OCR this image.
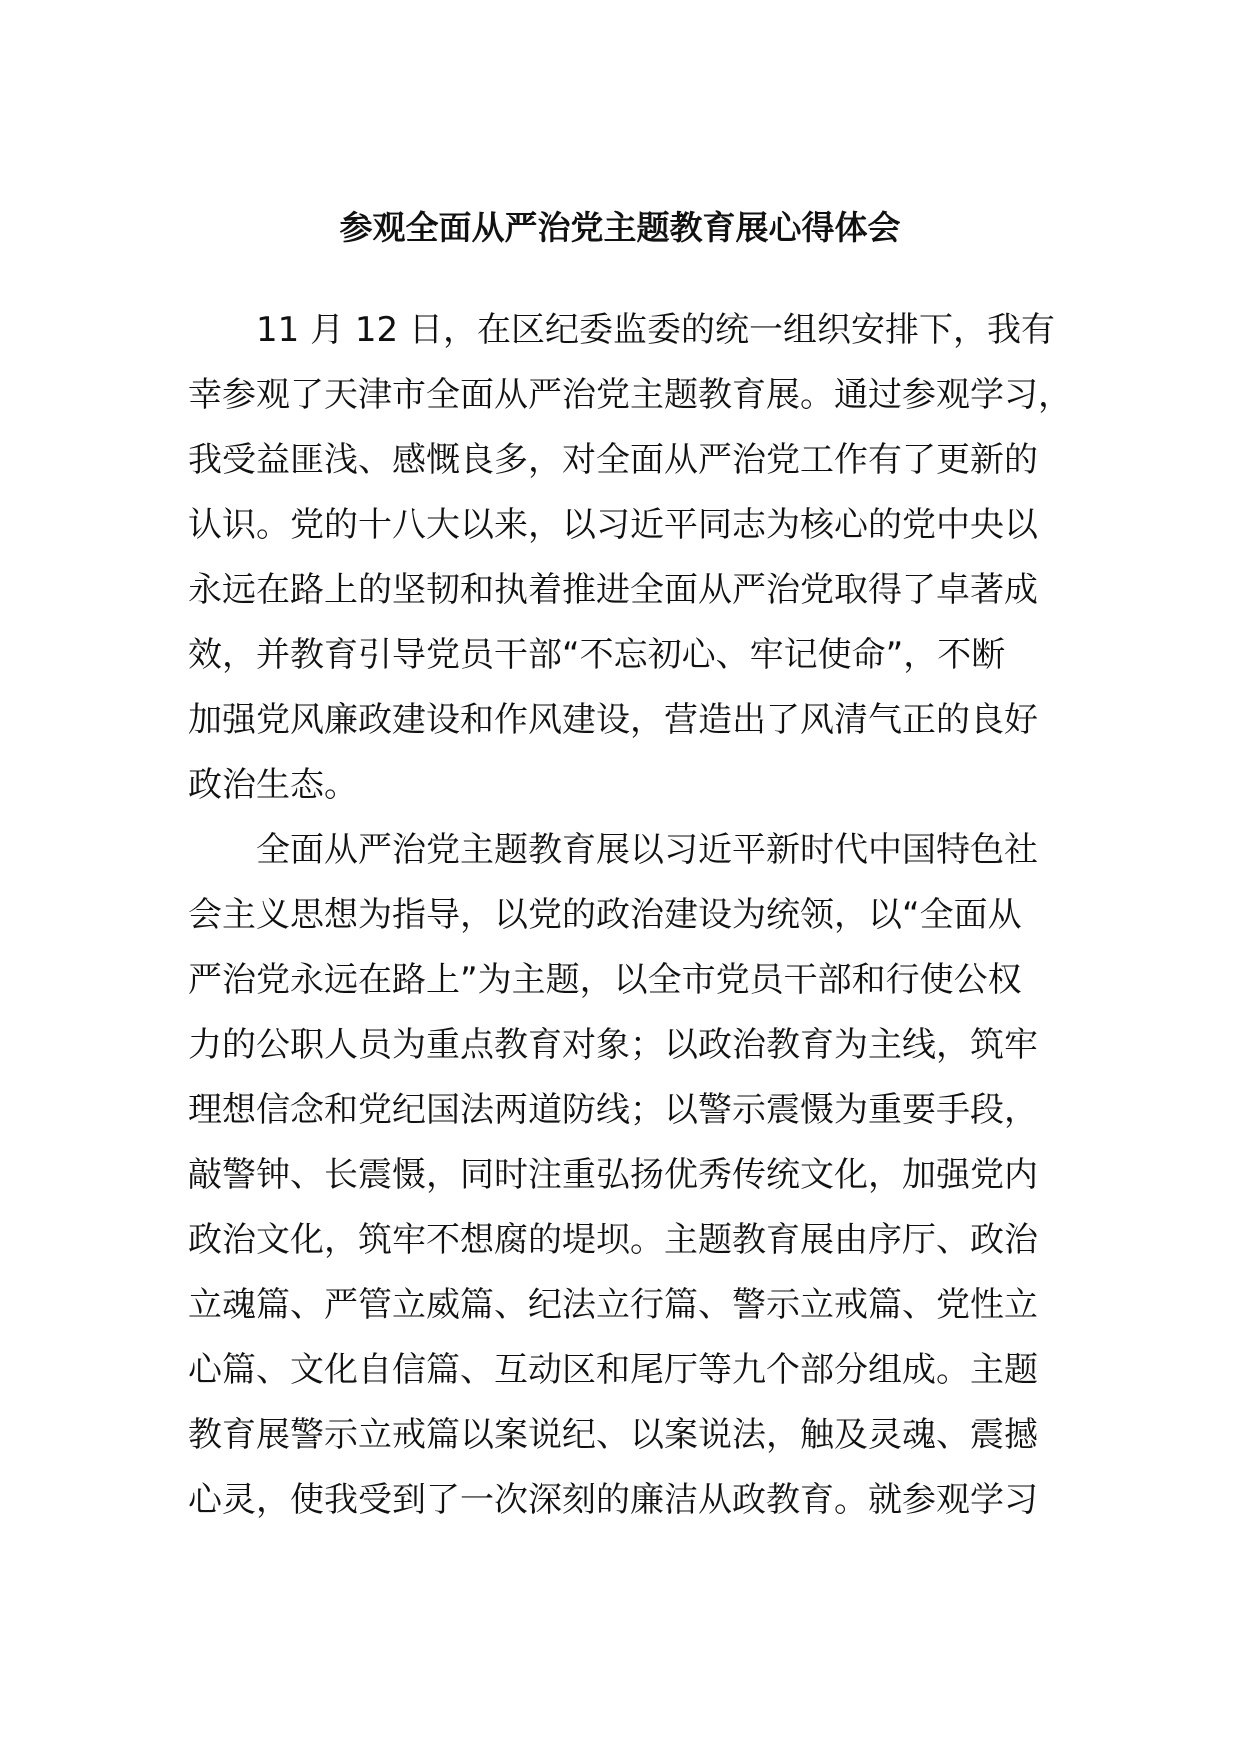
参观全面从严治党主题教育展心得体会
11 月 12 日，在区纪委监委的统一组织安排下，我有
幸参观了天津市全面从严治党主题教育展。通过参观学习，
我受益匪浅、感慨良多，对全面从严治党工作有了更新的
认识。党的十八大以来，以习近平同志为核心的党中央以
永远在路上的坚韧和执着推进全面从严治党取得了卓著成
效，并教育引导党员干部“不忘初心、牢记使命”，不断
加强党风廉政建设和作风建设，营造出了风清气正的良好
政治生态。
全面从严治党主题教育展以习近平新时代中国特色社
会主义思想为指导，以党的政治建设为统领，以“全面从
严治党永远在路上”为主题，以全市党员干部和行使公权
力的公职人员为重点教育对象；以政治教育为主线，筑牢
理想信念和党纪国法两道防线；以警示震慑为重要手段，
敲警钟、长震慑，同时注重弘扬优秀传统文化，加强党内
政治文化，筑牢不想腐的堤坝。主题教育展由序厅、政治
立魂篇、严管立威篇、纪法立行篇、警示立戒篇、党性立
心篇、文化自信篇、互动区和尾厅等九个部分组成。主题
教育展警示立戒篇以案说纪、以案说法，触及灵魂、震撼
心灵，使我受到了一次深刻的廉洁从政教育。就参观学习
